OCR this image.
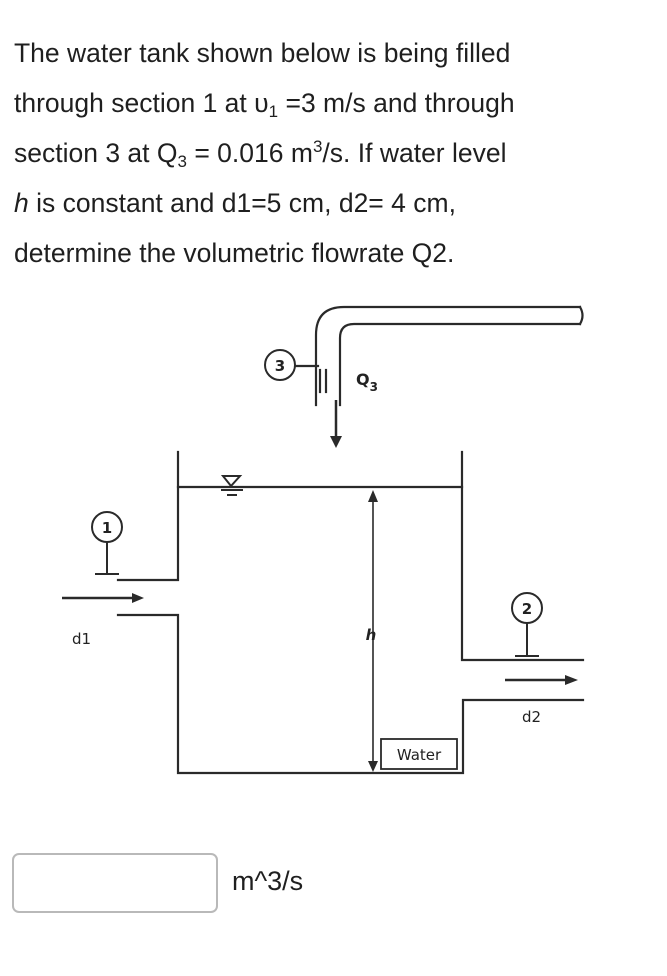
The water tank shown below is being filled
through section 1 at $\upsilon_1 =3$ m/s and through
section 3 at $Q_3 = 0.016$ $m^3/s$. If water level
h is constant and d1=5 cm, d2= 4 cm,
determine the volumetric flowrate Q2.
Water
h
3
$Q_3$
1
d1
2
d2
m^3/s
